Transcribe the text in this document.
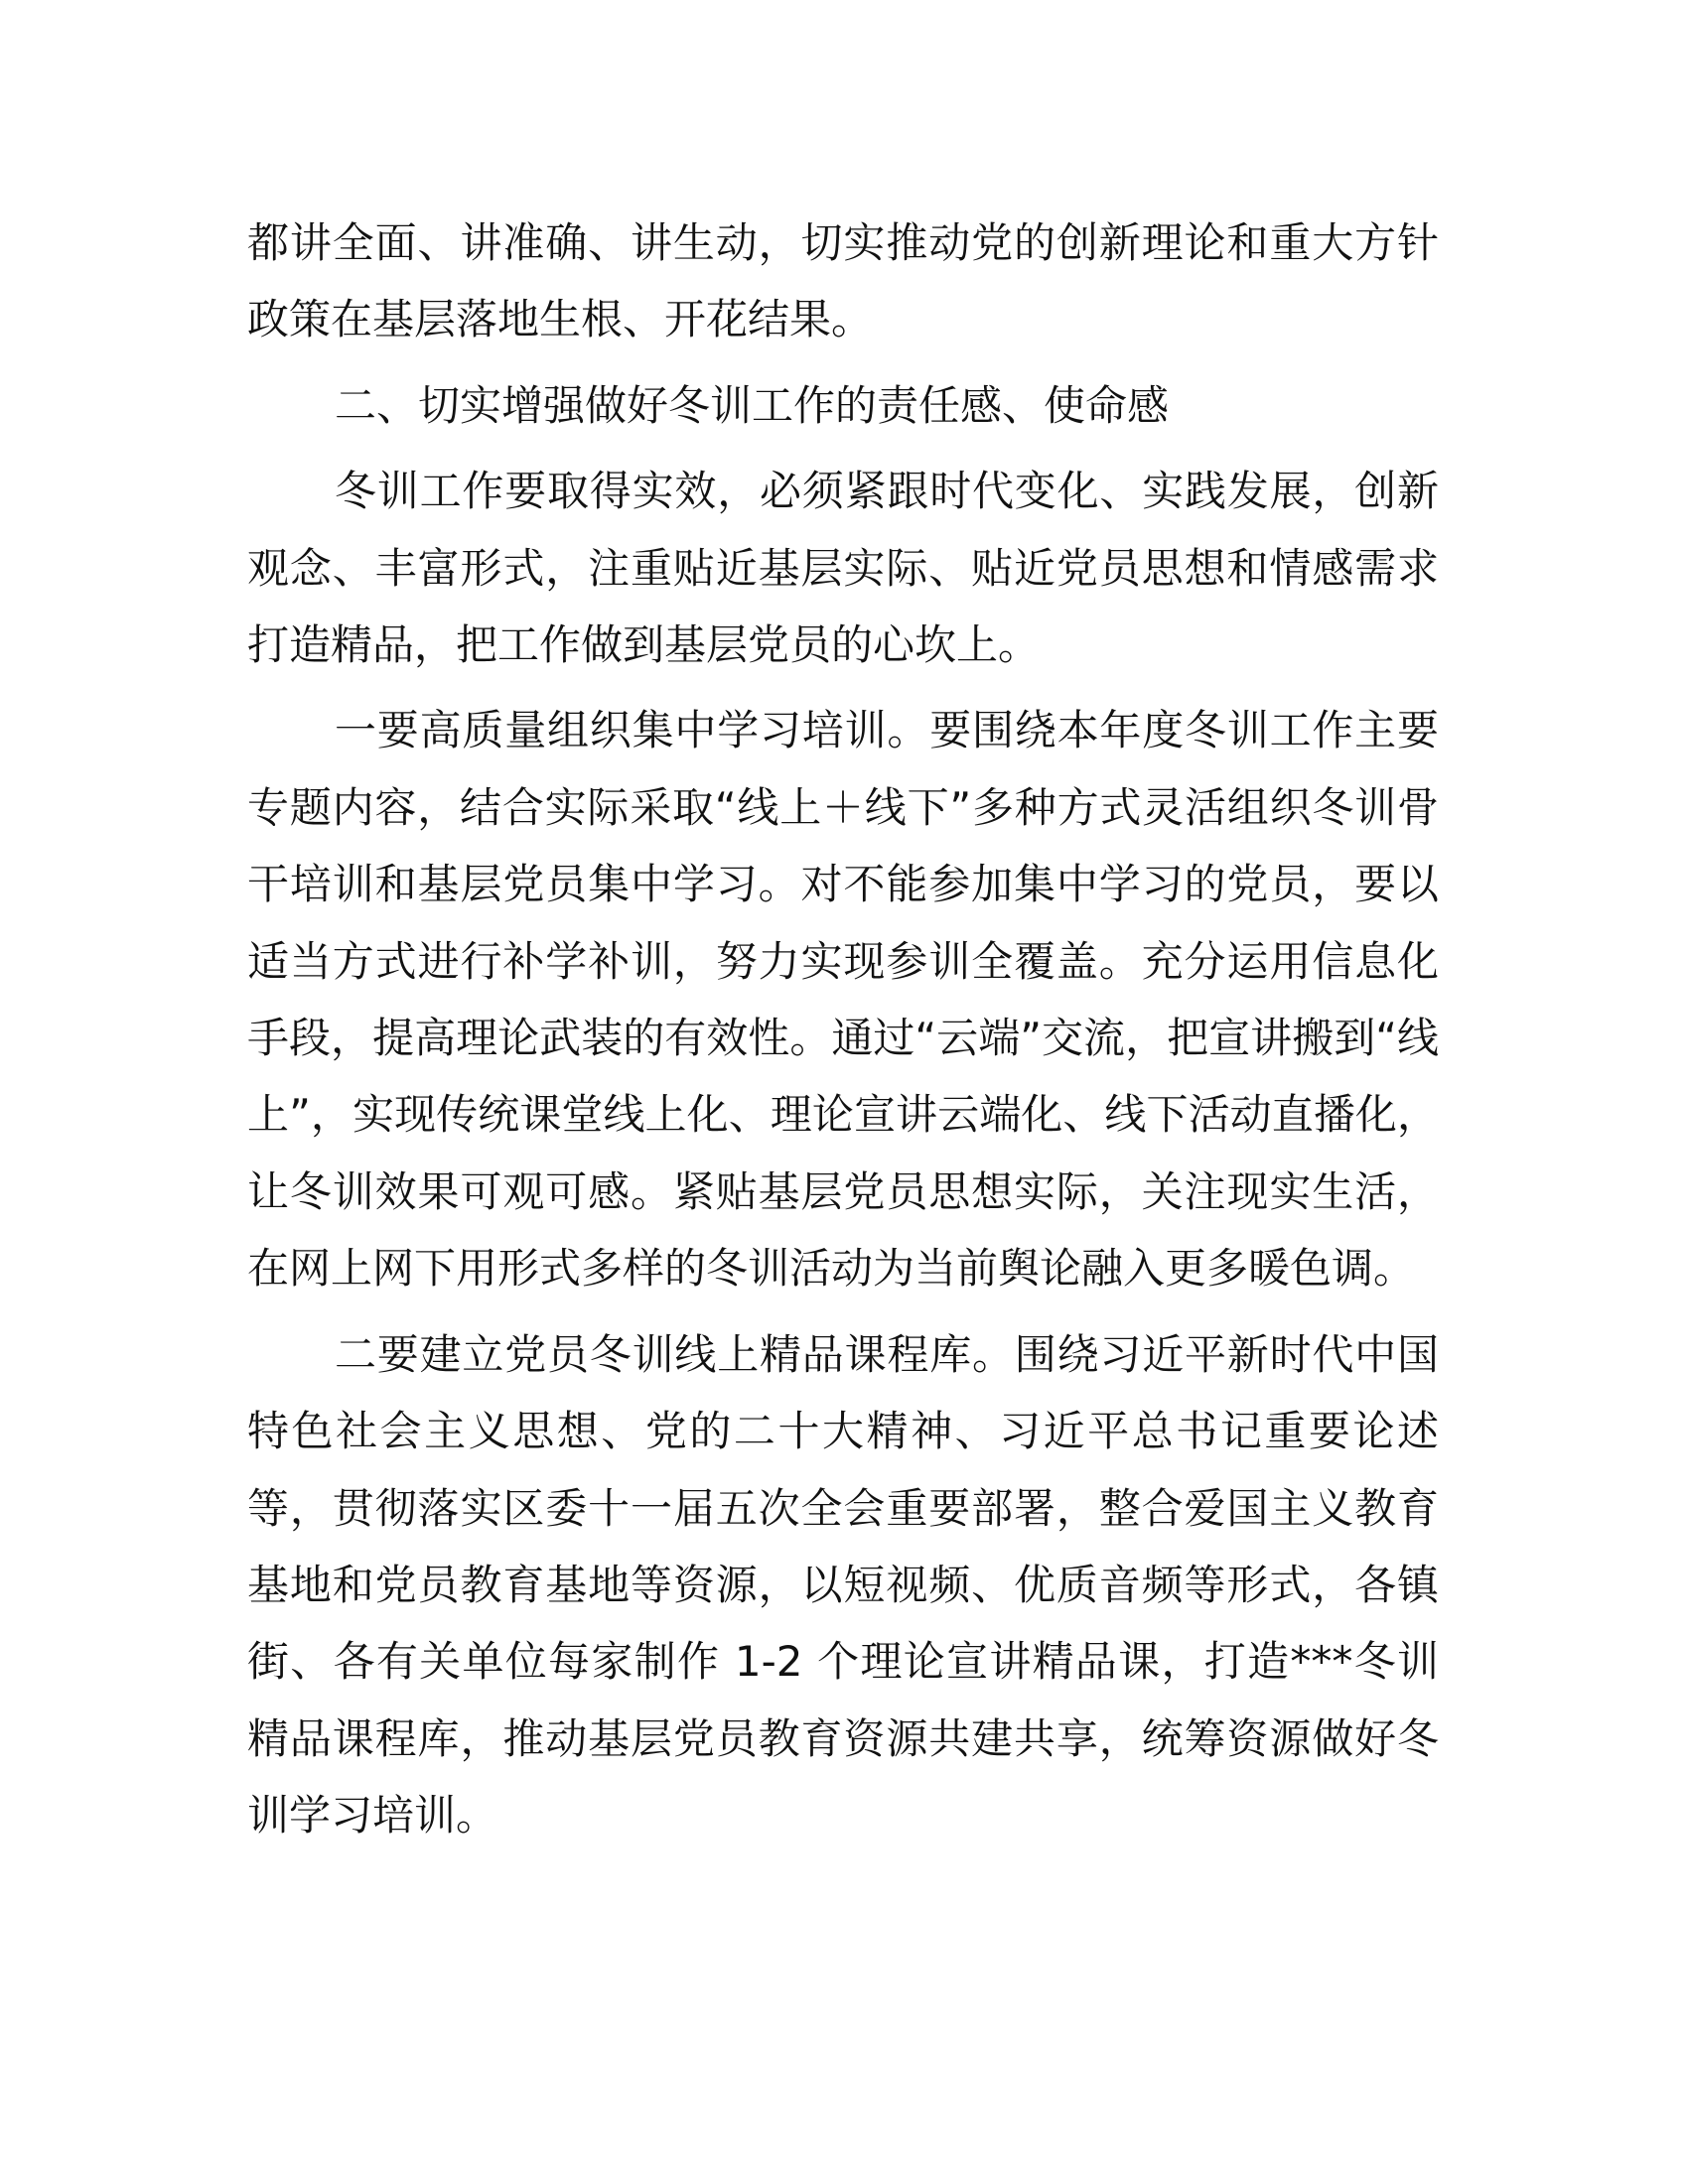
都讲全面、讲准确、讲生动，切实推动党的创新理论和重大方针政策在基层落地生根、开花结果。

二、切实增强做好冬训工作的责任感、使命感

冬训工作要取得实效，必须紧跟时代变化、实践发展，创新观念、丰富形式，注重贴近基层实际、贴近党员思想和情感需求打造精品，把工作做到基层党员的心坎上。

一要高质量组织集中学习培训。要围绕本年度冬训工作主要专题内容，结合实际采取“线上＋线下”多种方式灵活组织冬训骨干培训和基层党员集中学习。对不能参加集中学习的党员，要以适当方式进行补学补训，努力实现参训全覆盖。充分运用信息化手段，提高理论武装的有效性。通过“云端”交流，把宣讲搬到“线上”，实现传统课堂线上化、理论宣讲云端化、线下活动直播化，让冬训效果可观可感。紧贴基层党员思想实际，关注现实生活，在网上网下用形式多样的冬训活动为当前舆论融入更多暖色调。

二要建立党员冬训线上精品课程库。围绕习近平新时代中国特色社会主义思想、党的二十大精神、习近平总书记重要论述等，贯彻落实区委十一届五次全会重要部署，整合爱国主义教育基地和党员教育基地等资源，以短视频、优质音频等形式，各镇街、各有关单位每家制作 1-2 个理论宣讲精品课，打造***冬训精品课程库，推动基层党员教育资源共建共享，统筹资源做好冬训学习培训。
